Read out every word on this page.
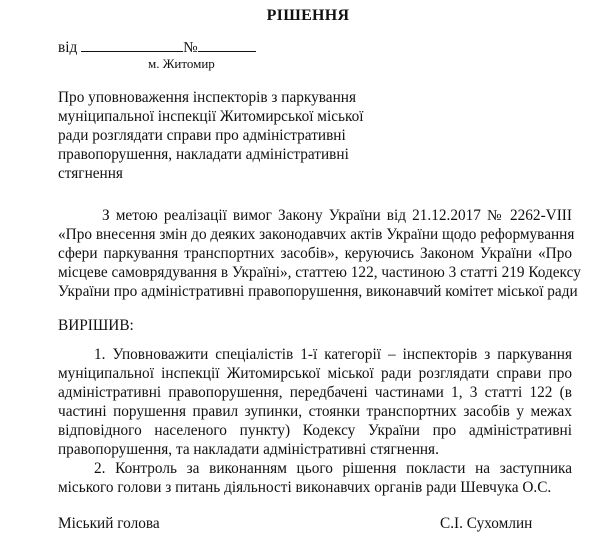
РІШЕННЯ
від	№
м. Житомир
Про уповноваження інспекторів з паркування
муніципальної інспекції Житомирської міської
ради розглядати справи про адміністративні
правопорушення, накладати адміністративні
стягнення
З метою реалізації вимог Закону України від 21.12.2017 № 2262-VIII
«Про внесення змін до деяких законодавчих актів України щодо реформування
сфери паркування транспортних засобів», керуючись Законом України «Про
місцеве самоврядування в Україні», статтею 122, частиною 3 статті 219 Кодексу
України про адміністративні правопорушення, виконавчий комітет міської ради
ВИРІШИВ:
1. Уповноважити спеціалістів 1-ї категорії – інспекторів з паркування
муніципальної інспекції Житомирської міської ради розглядати справи про
адміністративні правопорушення, передбачені частинами 1, 3 статті 122 (в
частині порушення правил зупинки, стоянки транспортних засобів у межах
відповідного населеного пункту) Кодексу України про адміністративні
правопорушення, та накладати адміністративні стягнення.
2. Контроль за виконанням цього рішення покласти на заступника
міського голови з питань діяльності виконавчих органів ради Шевчука О.С.
Міський голова	С.І. Сухомлин
